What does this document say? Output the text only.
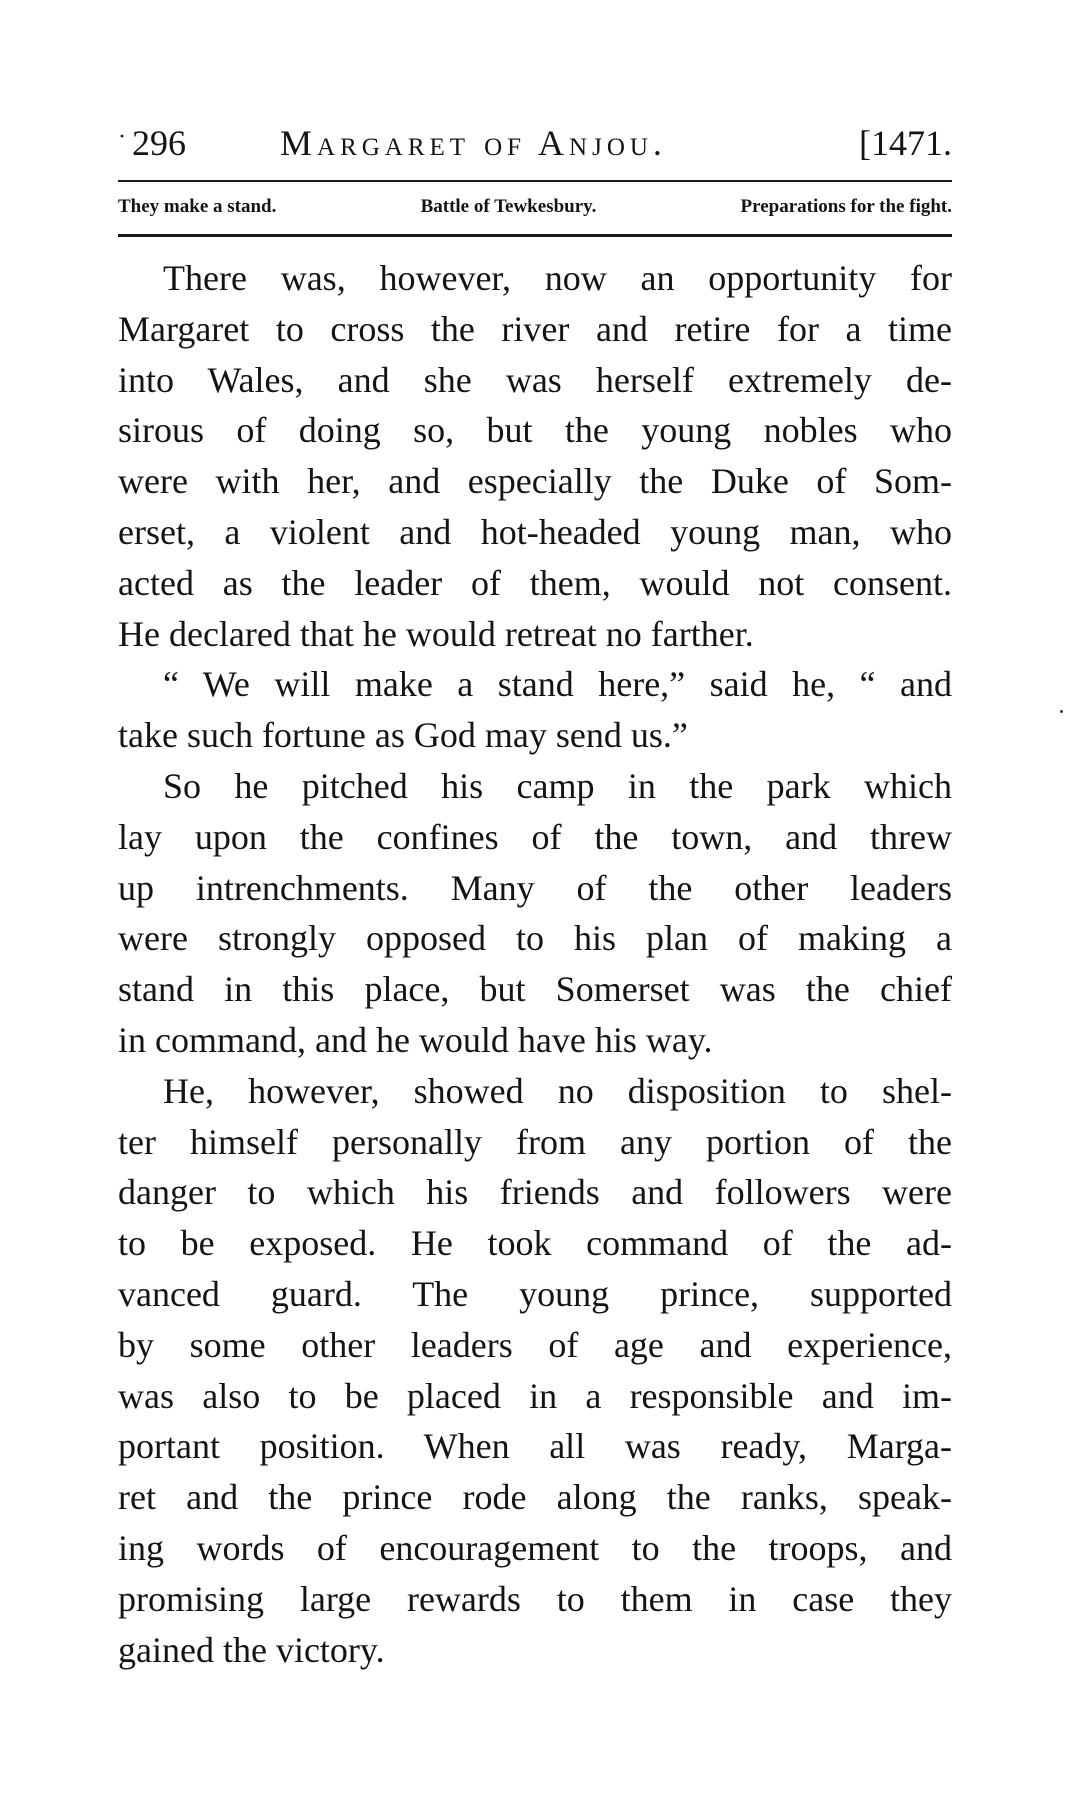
· 296	Margaret of Anjou.	[1471.
They make a stand.	Battle of Tewkesbury.	Preparations for the fight.

There was, however, now an opportunity for
Margaret to cross the river and retire for a time
into Wales, and she was herself extremely de-
sirous of doing so, but the young nobles who
were with her, and especially the Duke of Som-
erset, a violent and hot-headed young man, who
acted as the leader of them, would not consent.
He declared that he would retreat no farther.

“ We will make a stand here,” said he, “ and
take such fortune as God may send us.”

So he pitched his camp in the park which
lay upon the confines of the town, and threw
up intrenchments. Many of the other leaders
were strongly opposed to his plan of making a
stand in this place, but Somerset was the chief
in command, and he would have his way.

He, however, showed no disposition to shel-
ter himself personally from any portion of the
danger to which his friends and followers were
to be exposed. He took command of the ad-
vanced guard. The young prince, supported
by some other leaders of age and experience,
was also to be placed in a responsible and im-
portant position. When all was ready, Marga-
ret and the prince rode along the ranks, speak-
ing words of encouragement to the troops, and
promising large rewards to them in case they
gained the victory.
